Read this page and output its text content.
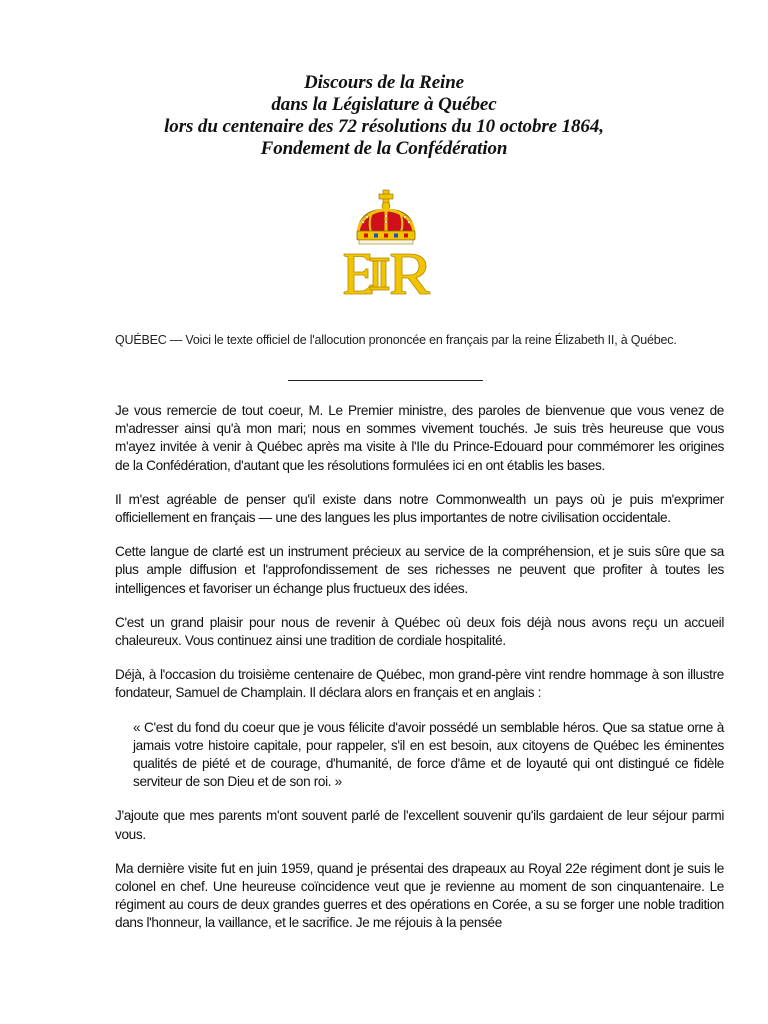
Discours de la Reine
dans la Législature à Québec
lors du centenaire des 72 résolutions du 10 octobre 1864,
Fondement de la Confédération
QUÉBEC — Voici le texte officiel de l'allocution prononcée en français par la reine Élizabeth II, à Québec.

Je vous remercie de tout coeur, M. Le Premier ministre, des paroles de bienvenue que vous venez de m'adresser ainsi qu'à mon mari; nous en sommes vivement touchés. Je suis très heureuse que vous m'ayez invitée à venir à Québec après ma visite à l'Ile du Prince-Edouard pour commémorer les origines de la Confédération, d'autant que les résolutions formulées ici en ont établis les bases.

Il m'est agréable de penser qu'il existe dans notre Commonwealth un pays où je puis m'exprimer officiellement en français — une des langues les plus importantes de notre civilisation occidentale.

Cette langue de clarté est un instrument précieux au service de la compréhension, et je suis sûre que sa plus ample diffusion et l'approfondissement de ses richesses ne peuvent que profiter à toutes les intelligences et favoriser un échange plus fructueux des idées.

C'est un grand plaisir pour nous de revenir à Québec où deux fois déjà nous avons reçu un accueil chaleureux. Vous continuez ainsi une tradition de cordiale hospitalité.

Déjà, à l'occasion du troisième centenaire de Québec, mon grand-père vint rendre hommage à son illustre fondateur, Samuel de Champlain. Il déclara alors en français et en anglais :

« C'est du fond du coeur que je vous félicite d'avoir possédé un semblable héros. Que sa statue orne à jamais votre histoire capitale, pour rappeler, s'il en est besoin, aux citoyens de Québec les éminentes qualités de piété et de courage, d'humanité, de force d'âme et de loyauté qui ont distingué ce fidèle serviteur de son Dieu et de son roi. »

J'ajoute que mes parents m'ont souvent parlé de l'excellent souvenir qu'ils gardaient de leur séjour parmi vous.

Ma dernière visite fut en juin 1959, quand je présentai des drapeaux au Royal 22e régiment dont je suis le colonel en chef. Une heureuse coïncidence veut que je revienne au moment de son cinquantenaire. Le régiment au cours de deux grandes guerres et des opérations en Corée, a su se forger une noble tradition dans l'honneur, la vaillance, et le sacrifice. Je me réjouis à la pensée
